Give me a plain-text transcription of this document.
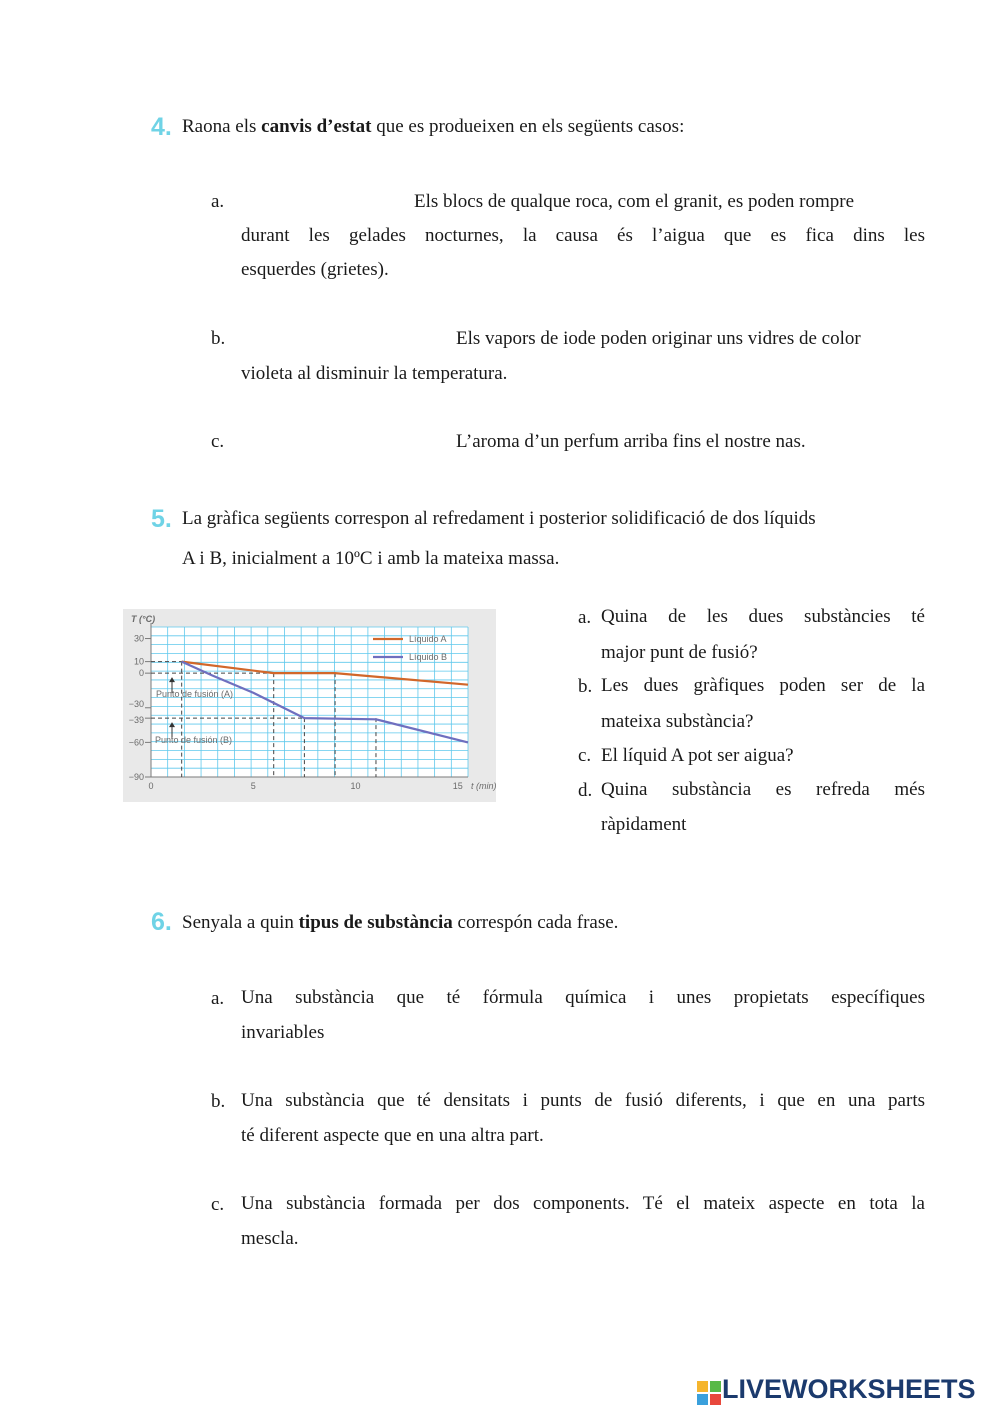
4. Raona els canvis d’estat que es produeixen en els següents casos:
a.	Els blocs de qualque roca, com el granit, es poden rompre
durant les gelades nocturnes, la causa és l’aigua que es fica dins les
esquerdes (grietes).
b.	Els vapors de iode poden originar uns vidres de color
violeta al disminuir la temperatura.
c.	L’aroma d’un perfum arriba fins el nostre nas.
5. La gràfica següents correspon al refredament i posterior solidificació de dos líquids
A i B, inicialment a 10ºC i amb la mateixa massa.
30
10
0
−30
−39
−60
−90
0	5	10	15
T (°C)
t (min)
Líquido A
Líquido B
Punto de fusión (A)
Punto de fusión (B)
a. Quina de les dues substàncies té
major punt de fusió?
b. Les dues gràfiques poden ser de la
mateixa substància?
c. El líquid A pot ser aigua?
d. Quina substància es refreda més
ràpidament
6. Senyala a quin tipus de substància correspón cada frase.
a. Una substància que té fórmula química i unes propietats específiques
invariables
b. Una substància que té densitats i punts de fusió diferents, i que en una parts
té diferent aspecte que en una altra part.
c. Una substància formada per dos components. Té el mateix aspecte en tota la
mescla.
LIVEWORKSHEETS
